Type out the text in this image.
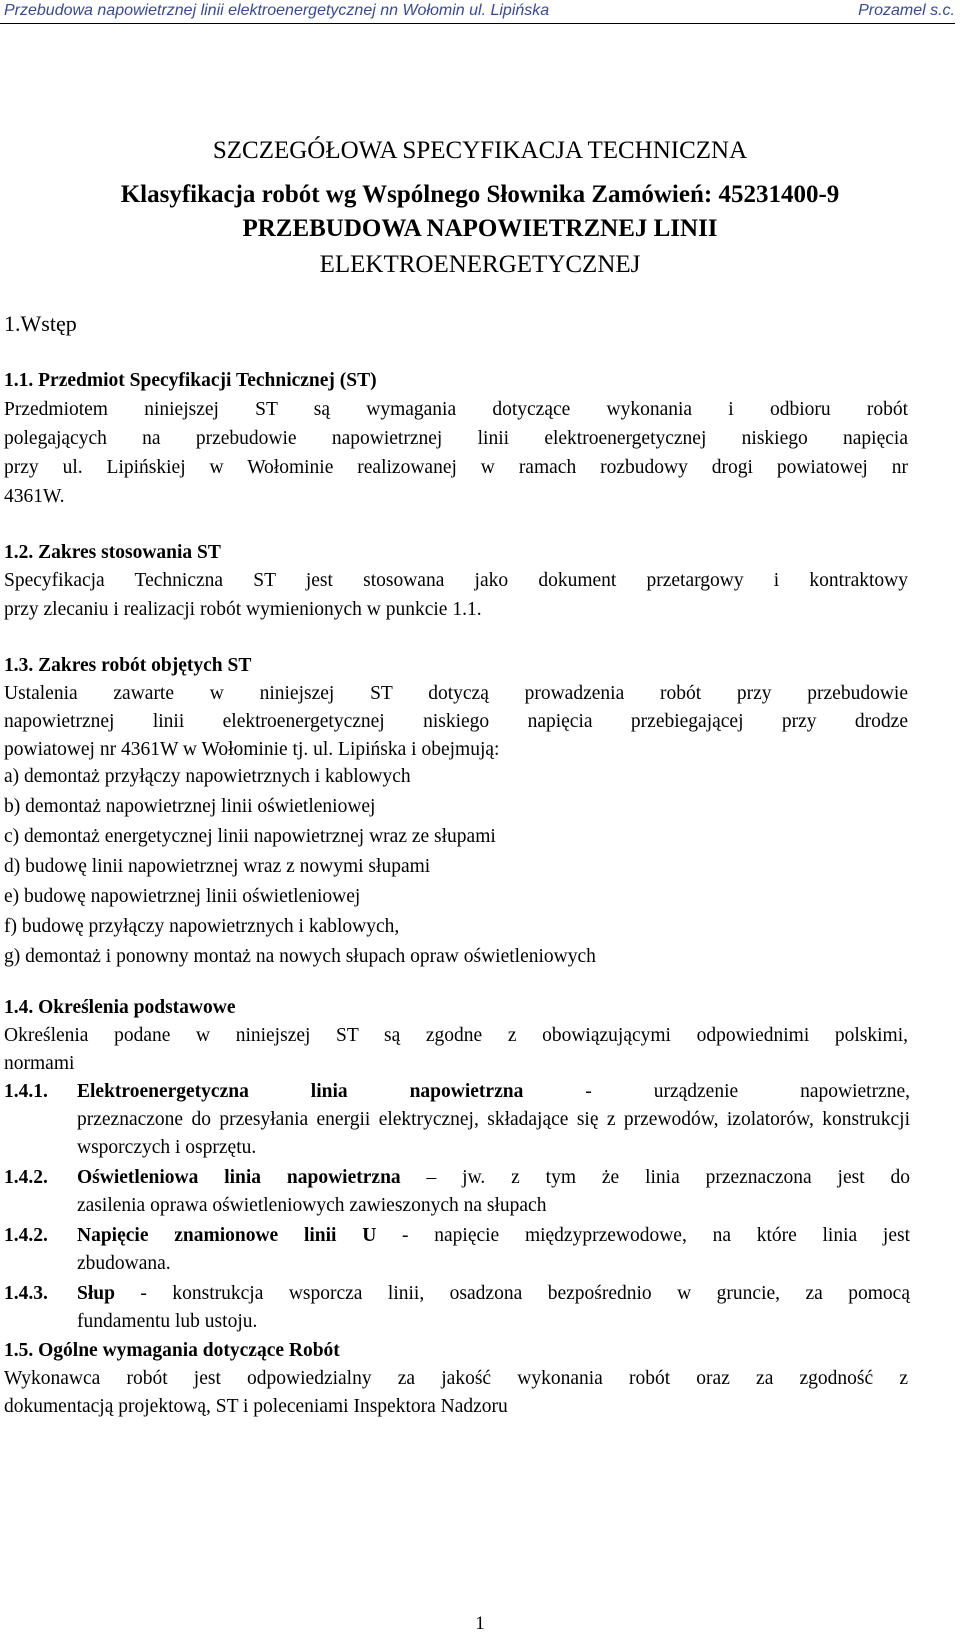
Przebudowa napowietrznej linii elektroenergetycznej nn Wołomin ul. Lipińska	Prozamel s.c.
SZCZEGÓŁOWA SPECYFIKACJA TECHNICZNA
Klasyfikacja robót wg Wspólnego Słownika Zamówień: 45231400-9
PRZEBUDOWA NAPOWIETRZNEJ LINII
ELEKTROENERGETYCZNEJ
1.Wstęp
1.1. Przedmiot Specyfikacji Technicznej (ST)
Przedmiotem niniejszej ST są wymagania dotyczące wykonania i odbioru robót
polegających na przebudowie napowietrznej linii elektroenergetycznej niskiego napięcia
przy ul. Lipińskiej w Wołominie realizowanej w ramach rozbudowy drogi powiatowej nr
4361W.
1.2. Zakres stosowania ST
Specyfikacja Techniczna ST jest stosowana jako dokument przetargowy i kontraktowy
przy zlecaniu i realizacji robót wymienionych w punkcie 1.1.
1.3. Zakres robót objętych ST
Ustalenia zawarte w niniejszej ST dotyczą prowadzenia robót przy przebudowie
napowietrznej linii elektroenergetycznej niskiego napięcia przebiegającej przy drodze
powiatowej nr 4361W w Wołominie tj. ul. Lipińska i obejmują:
a) demontaż przyłączy napowietrznych i kablowych
b) demontaż napowietrznej linii oświetleniowej
c) demontaż energetycznej linii napowietrznej wraz ze słupami
d) budowę linii napowietrznej wraz z nowymi słupami
e) budowę napowietrznej linii oświetleniowej
f) budowę przyłączy napowietrznych i kablowych,
g) demontaż i ponowny montaż na nowych słupach opraw oświetleniowych
1.4. Określenia podstawowe
Określenia podane w niniejszej ST są zgodne z obowiązującymi odpowiednimi polskimi,
normami
1.4.1. Elektroenergetyczna linia napowietrzna - urządzenie napowietrzne,
przeznaczone do przesyłania energii elektrycznej, składające się z przewodów, izolatorów, konstrukcji wsporczych i osprzętu.
1.4.2. Oświetleniowa linia napowietrzna – jw. z tym że linia przeznaczona jest do
zasilenia oprawa oświetleniowych zawieszonych na słupach
1.4.2. Napięcie znamionowe linii U - napięcie międzyprzewodowe, na które linia jest
zbudowana.
1.4.3. Słup - konstrukcja wsporcza linii, osadzona bezpośrednio w gruncie, za pomocą
fundamentu lub ustoju.
1.5. Ogólne wymagania dotyczące Robót
Wykonawca robót jest odpowiedzialny za jakość wykonania robót oraz za zgodność z
dokumentacją projektową, ST i poleceniami Inspektora Nadzoru
1
